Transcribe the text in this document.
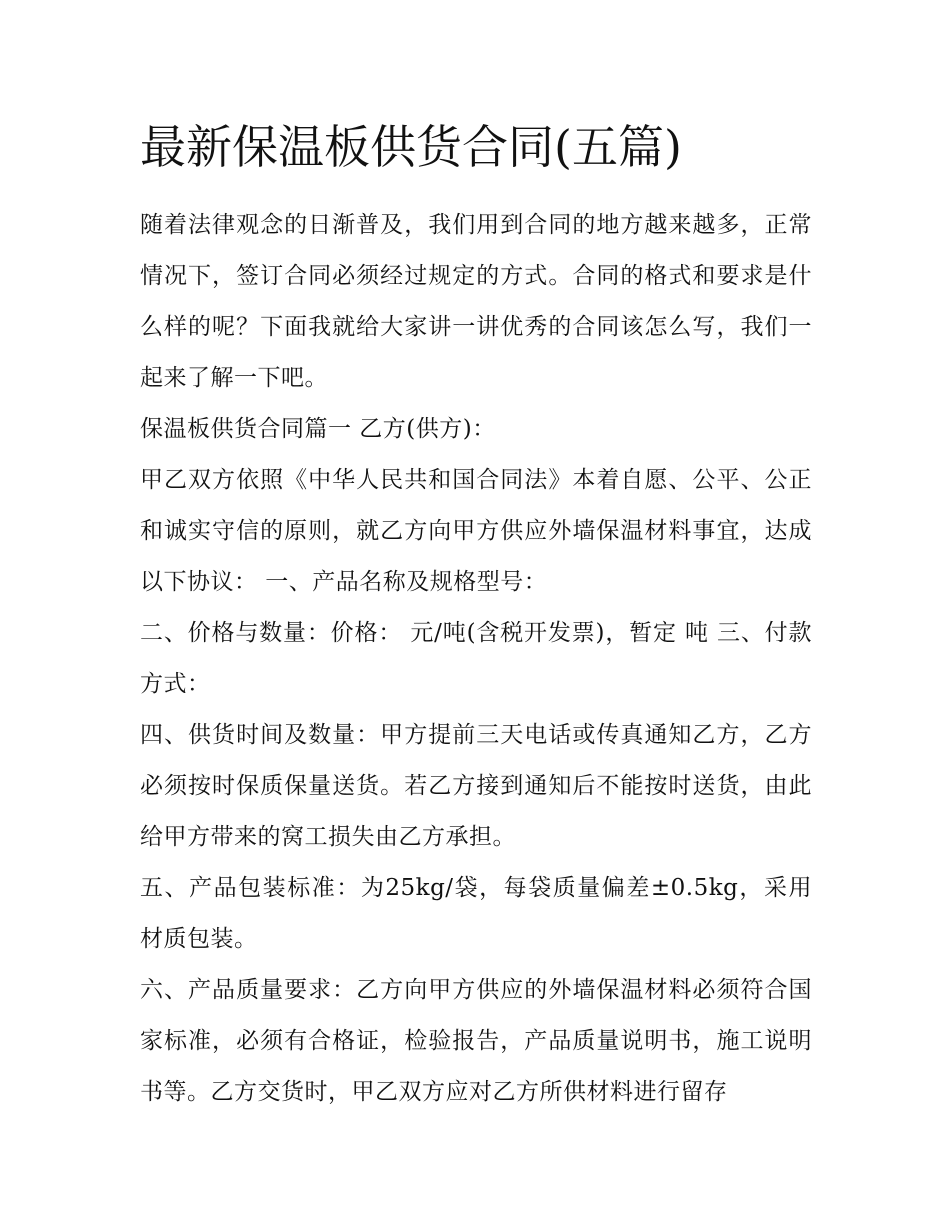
最新保温板供货合同(五篇)

随着法律观念的日渐普及，我们用到合同的地方越来越多，正常情况下，签订合同必须经过规定的方式。合同的格式和要求是什么样的呢？下面我就给大家讲一讲优秀的合同该怎么写，我们一起来了解一下吧。

保温板供货合同篇一 乙方(供方)：

甲乙双方依照《中华人民共和国合同法》本着自愿、公平、公正和诚实守信的原则，就乙方向甲方供应外墙保温材料事宜，达成以下协议： 一、产品名称及规格型号：

二、价格与数量：价格： 元/吨(含税开发票)，暂定 吨 三、付款方式：

四、供货时间及数量：甲方提前三天电话或传真通知乙方，乙方必须按时保质保量送货。若乙方接到通知后不能按时送货，由此给甲方带来的窝工损失由乙方承担。

五、产品包装标准：为25kg/袋，每袋质量偏差±0.5kg，采用材质包装。

六、产品质量要求：乙方向甲方供应的外墙保温材料必须符合国家标准，必须有合格证，检验报告，产品质量说明书，施工说明书等。乙方交货时，甲乙双方应对乙方所供材料进行留存
